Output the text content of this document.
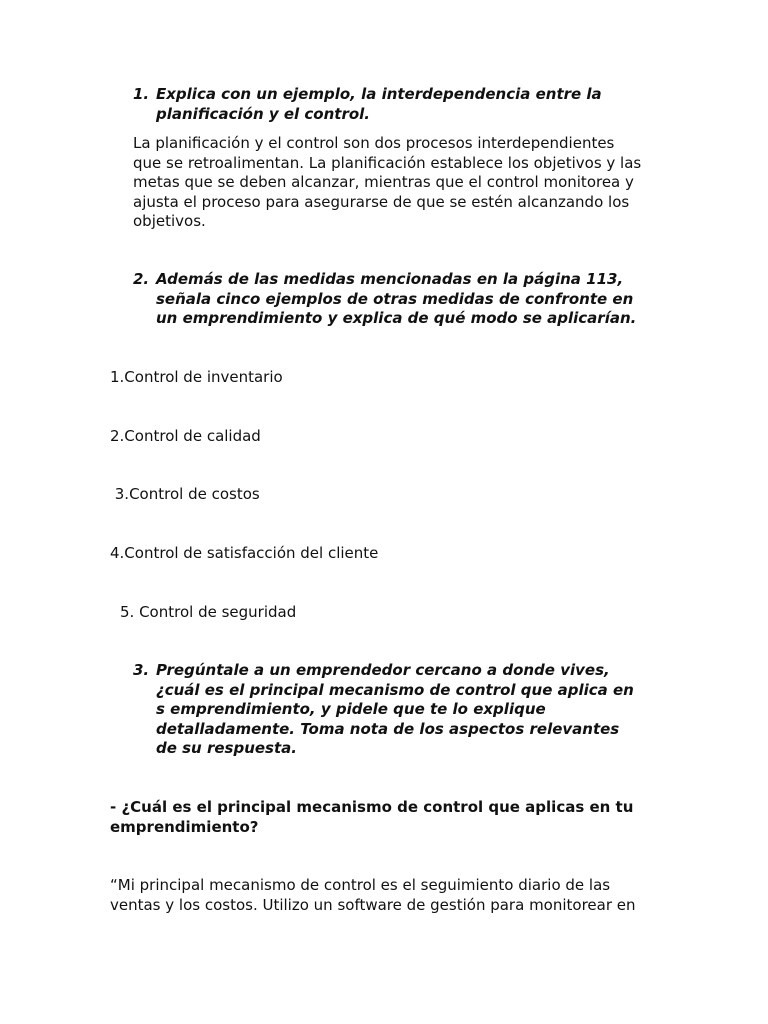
1. Explica con un ejemplo, la interdependencia entre la
planificación y el control.
La planificación y el control son dos procesos interdependientes
que se retroalimentan. La planificación establece los objetivos y las
metas que se deben alcanzar, mientras que el control monitorea y
ajusta el proceso para asegurarse de que se estén alcanzando los
objetivos.
2. Además de las medidas mencionadas en la página 113,
señala cinco ejemplos de otras medidas de confronte en
un emprendimiento y explica de qué modo se aplicarían.
1.Control de inventario
2.Control de calidad
3.Control de costos
4.Control de satisfacción del cliente
5. Control de seguridad
3. Pregúntale a un emprendedor cercano a donde vives,
¿cuál es el principal mecanismo de control que aplica en
s emprendimiento, y pidele que te lo explique
detalladamente. Toma nota de los aspectos relevantes
de su respuesta.
- ¿Cuál es el principal mecanismo de control que aplicas en tu
emprendimiento?
“Mi principal mecanismo de control es el seguimiento diario de las
ventas y los costos. Utilizo un software de gestión para monitorear en
